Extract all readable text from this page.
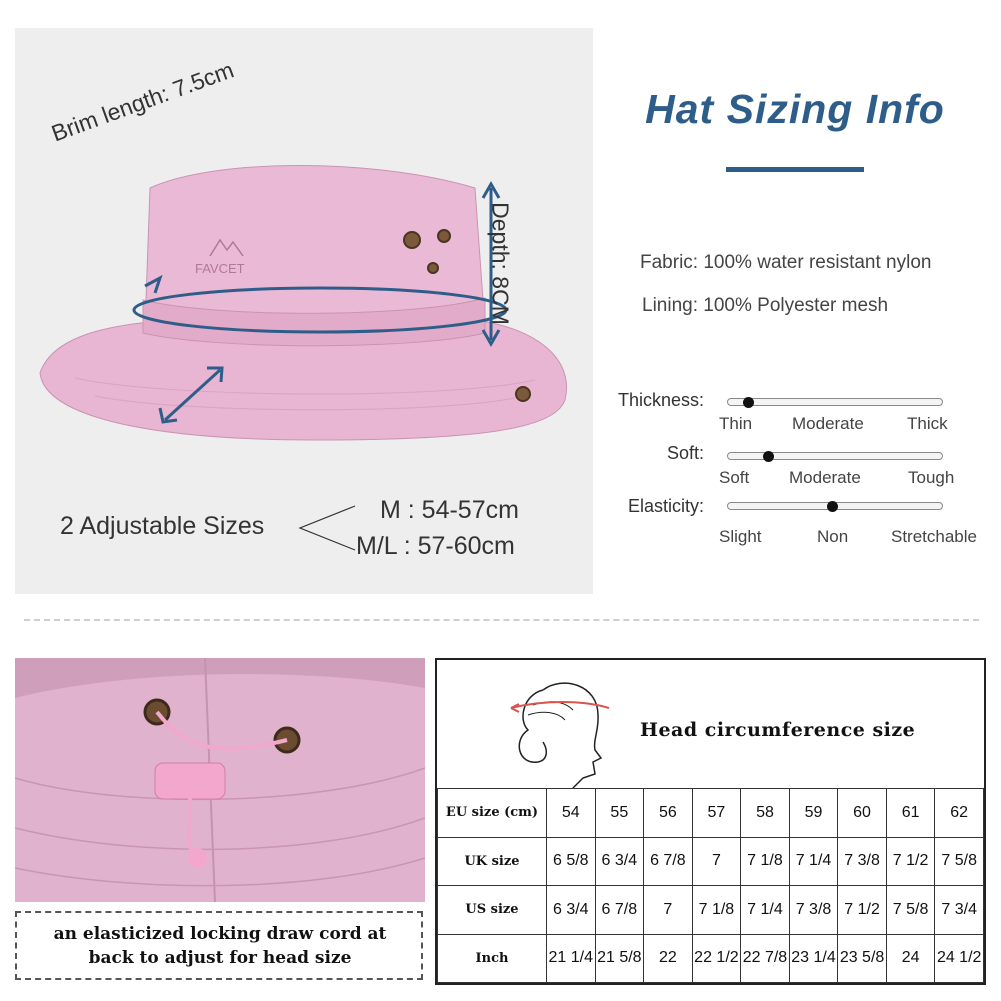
FAVCET
Brim length: 7.5cm
Depth: 8CM
2 Adjustable Sizes
M : 54-57cm
M/L : 57-60cm
Hat Sizing Info
Fabric: 100% water resistant nylon
Lining: 100% Polyester mesh
Thickness:
Thin Moderate	Thick
Soft:
Soft Moderate	Tough
Elasticity:
Slight	Non	Stretchable
an elasticized locking draw cord at
back to adjust for head size
Head circumference size
EU size (cm)	54	55	56	57	58	59	60	61	62
UK size	6 5/8	6 3/4	6 7/8	7	7 1/8	7 1/4	7 3/8	7 1/2	7 5/8
US size	6 3/4	6 7/8	7	7 1/8	7 1/4	7 3/8	7 1/2	7 5/8	7 3/4
Inch	21 1/4	21 5/8	22	22 1/2	22 7/8	23 1/4	23 5/8	24	24 1/2
